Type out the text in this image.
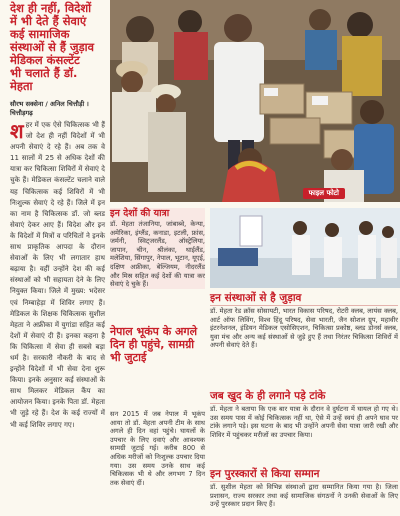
देश ही नहीं, विदेशों
में भी देते हैं सेवाएं
कई सामाजिक
संस्थाओं से हैं जुड़ाव
मेडिकल कंसल्टेंट
भी चलाते हैं डॉ.
मेहता
सौरभ सक्सेना / अनिल चित्तौड़ी । चित्तौड़गढ़
शहर में एक ऐसे चिकित्सक भी हैं जो देश ही नहीं विदेशों में भी अपनी सेवाएं दे रहे हैं। अब तक वे 11 सालों में 25 से अधिक देशों की यात्रा कर चिकित्सा शिविरों में सेवाएं दे चुके हैं। मेडिकल कंसल्टेंट चलाने वाले यह चिकित्सक कई शिविरों में भी निःशुल्क सेवाएं दे रहे हैं। जिले में इन का नाम है चिकित्सक डॉ. जो ब्लड सेवाएं देकर आए हैं। विदेश और इन के विदेशों में मित्रों व परिचितों ने इनके साथ प्राकृतिक आपदा के दौरान सेवाओं के लिए भी लगातार हाथ बढ़ाया है। वहीं उन्होंने देश की कई संस्थाओं को भी सहायता देने के लिए नियुक्त किया। जिले में मुख्य: भदेसर एवं निम्बाहेड़ा में शिविर लगाए हैं। मेडिकल के शिक्षक चिकित्सक सुशील मेहता ने अफ्रीका में युगांडा सहित कई देशों में सेवाएं दी हैं। इनका कहना है कि चिकित्सा में सेवा ही सबसे बड़ा धर्म है। सरकारी नौकरी के बाद से इन्होंने विदेशों में भी सेवा देना शुरू किया। इनके अनुसार कई संस्थाओं के साथ मिलकर मेडिकल कैंप का आयोजन किया। इनके पिता डॉ. मेहता भी जुड़े रहे हैं। देश के कई राज्यों में भी कई शिविर लगाए गए।
फाइल फोटो
इन देशों की यात्रा
डॉ. मेहता तंजानिया, जांबाब्वे, केन्या, अमेरिका, इंग्लैंड, कनाडा, इटली, फ्रांस, जर्मनी, स्विट्जरलैंड, ऑस्ट्रेलिया, जापान, चीन, श्रीलंका, थाईलैंड, मलेशिया, सिंगापुर, नेपाल, भूटान, यूएई, दक्षिण अफ्रीका, बेल्जियम, नीदरलैंड और मिस्र सहित कई देशों की यात्रा कर सेवाएं दे चुके हैं।
नेपाल भूकंप के अगले दिन ही पहुंचे, सामग्री भी जुटाई
सन 2015 में जब नेपाल में भूकंप आया तो डॉ. मेहता अपनी टीम के साथ अगले ही दिन वहां पहुंचे। घायलों के उपचार के लिए दवाएं और आवश्यक सामग्री जुटाई गई। करीब 800 से अधिक मरीजों को निःशुल्क उपचार दिया गया। उस समय उनके साथ कई चिकित्सक भी थे और लगभग 7 दिन तक सेवाएं दीं।
इन संस्थाओं से है जुड़ाव
डॉ. मेहता रेड क्रॉस सोसायटी, भारत विकास परिषद, रोटरी क्लब, लायंस क्लब, आर्ट ऑफ लिविंग, विश्व हिंदू परिषद, सेवा भारती, जैन सोशल ग्रुप, महावीर इंटरनेशनल, इंडियन मेडिकल एसोसिएशन, चिकित्सा प्रकोष्ठ, ब्लड डोनर्स क्लब, युवा मंच और अन्य कई संस्थाओं से जुड़े हुए हैं तथा निरंतर चिकित्सा शिविरों में अपनी सेवाएं देते हैं।
जब खुद के ही लगाने पड़े टांके
डॉ. मेहता ने बताया कि एक बार यात्रा के दौरान वे दुर्घटना में घायल हो गए थे। उस समय पास में कोई चिकित्सक नहीं था, ऐसे में उन्हें स्वयं ही अपने घाव पर टांके लगाने पड़े। इस घटना के बाद भी उन्होंने अपनी सेवा यात्रा जारी रखी और शिविर में पहुंचकर मरीजों का उपचार किया।
इन पुरस्कारों से किया सम्मान
डॉ. सुशील मेहता को विभिन्न संस्थाओं द्वारा सम्मानित किया गया है। जिला प्रशासन, राज्य सरकार तथा कई सामाजिक संगठनों ने उनकी सेवाओं के लिए उन्हें पुरस्कार प्रदान किए हैं।
